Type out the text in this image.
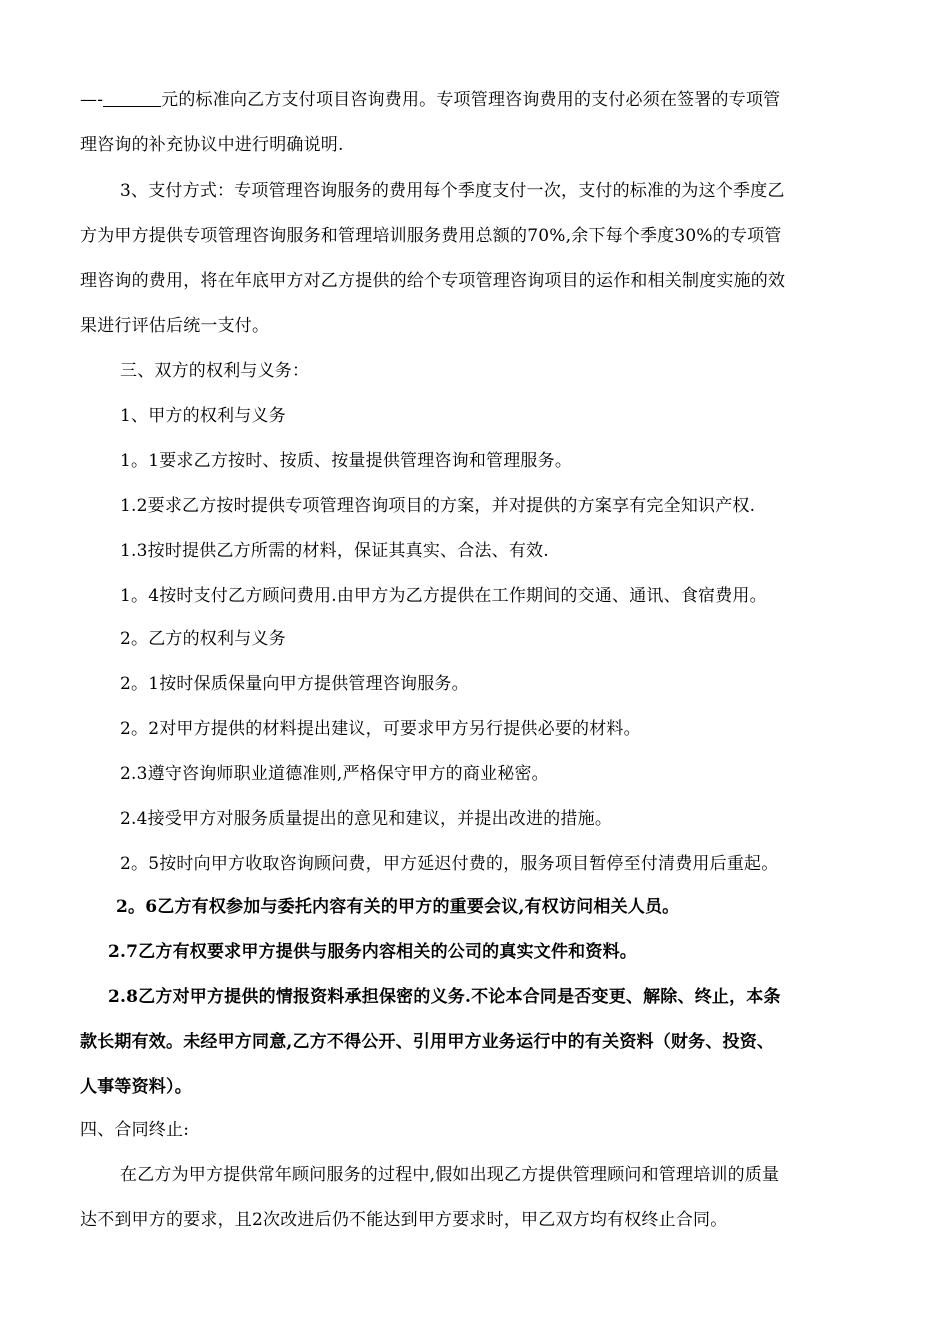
—-	元的标准向乙方支付项目咨询费用。专项管理咨询费用的支付必须在签署的专项管
理咨询的补充协议中进行明确说明.
3、支付方式：专项管理咨询服务的费用每个季度支付一次，支付的标准的为这个季度乙
方为甲方提供专项管理咨询服务和管理培训服务费用总额的70%,余下每个季度30%的专项管
理咨询的费用，将在年底甲方对乙方提供的给个专项管理咨询项目的运作和相关制度实施的效
果进行评估后统一支付。
三、双方的权利与义务：
1、甲方的权利与义务
1。1要求乙方按时、按质、按量提供管理咨询和管理服务。
1.2要求乙方按时提供专项管理咨询项目的方案，并对提供的方案享有完全知识产权.
1.3按时提供乙方所需的材料，保证其真实、合法、有效.
1。4按时支付乙方顾问费用.由甲方为乙方提供在工作期间的交通、通讯、食宿费用。
2。乙方的权利与义务
2。1按时保质保量向甲方提供管理咨询服务。
2。2对甲方提供的材料提出建议，可要求甲方另行提供必要的材料。
2.3遵守咨询师职业道德准则,严格保守甲方的商业秘密。
2.4接受甲方对服务质量提出的意见和建议，并提出改进的措施。
2。5按时向甲方收取咨询顾问费，甲方延迟付费的，服务项目暂停至付清费用后重起。
2。6乙方有权参加与委托内容有关的甲方的重要会议,有权访问相关人员。
2.7乙方有权要求甲方提供与服务内容相关的公司的真实文件和资料。
2.8乙方对甲方提供的情报资料承担保密的义务.不论本合同是否变更、解除、终止，本条
款长期有效。未经甲方同意,乙方不得公开、引用甲方业务运行中的有关资料（财务、投资、
人事等资料）。
四、合同终止:
在乙方为甲方提供常年顾问服务的过程中,假如出现乙方提供管理顾问和管理培训的质量
达不到甲方的要求，且2次改进后仍不能达到甲方要求时，甲乙双方均有权终止合同。
